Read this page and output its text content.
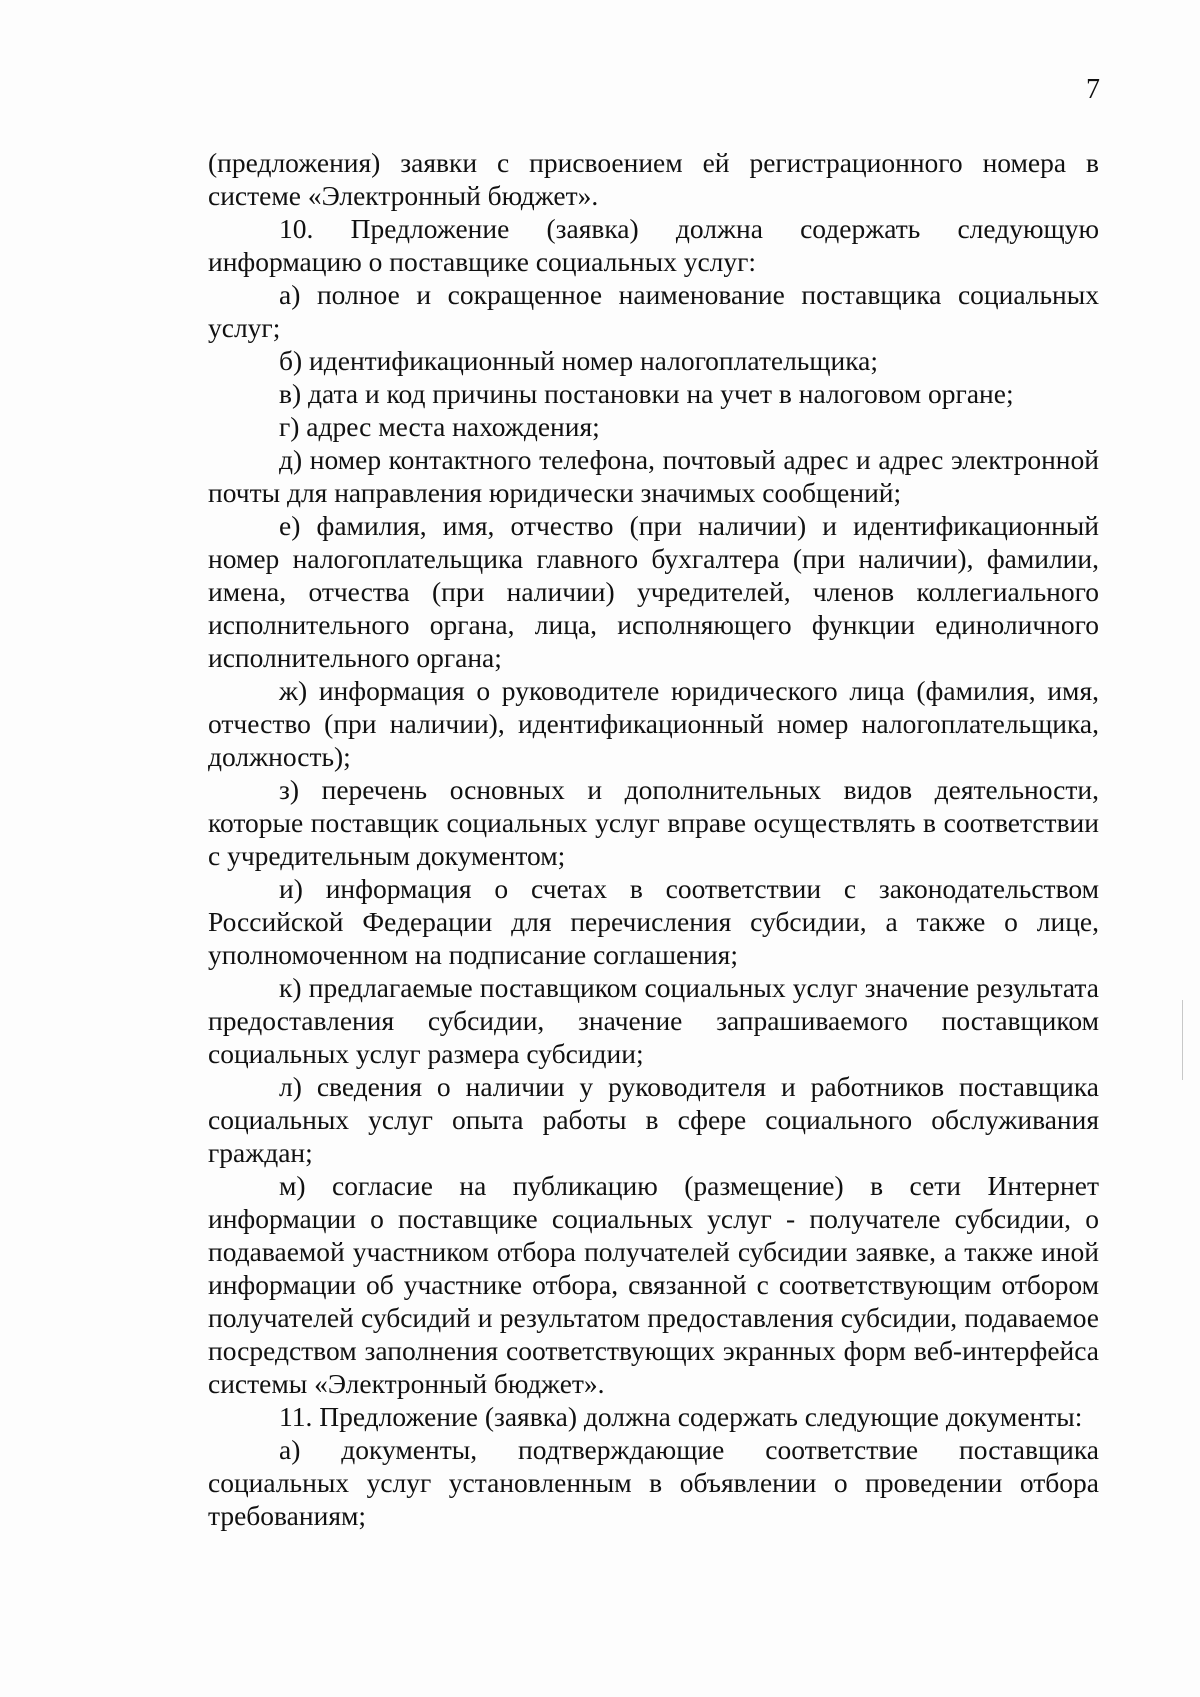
7

(предложения) заявки с присвоением ей регистрационного номера в системе «Электронный бюджет».

10. Предложение (заявка) должна содержать следующую информацию о поставщике социальных услуг:

а) полное и сокращенное наименование поставщика социальных услуг;

б) идентификационный номер налогоплательщика;

в) дата и код причины постановки на учет в налоговом органе;

г) адрес места нахождения;

д) номер контактного телефона, почтовый адрес и адрес электронной почты для направления юридически значимых сообщений;

е) фамилия, имя, отчество (при наличии) и идентификационный номер налогоплательщика главного бухгалтера (при наличии), фамилии, имена, отчества (при наличии) учредителей, членов коллегиального исполнительного органа, лица, исполняющего функции единоличного исполнительного органа;

ж) информация о руководителе юридического лица (фамилия, имя, отчество (при наличии), идентификационный номер налогоплательщика, должность);

з) перечень основных и дополнительных видов деятельности, которые поставщик социальных услуг вправе осуществлять в соответствии с учредительным документом;

и) информация о счетах в соответствии с законодательством Российской Федерации для перечисления субсидии, а также о лице, уполномоченном на подписание соглашения;

к) предлагаемые поставщиком социальных услуг значение результата предоставления субсидии, значение запрашиваемого поставщиком социальных услуг размера субсидии;

л) сведения о наличии у руководителя и работников поставщика социальных услуг опыта работы в сфере социального обслуживания граждан;

м) согласие на публикацию (размещение) в сети Интернет информации о поставщике социальных услуг - получателе субсидии, о подаваемой участником отбора получателей субсидии заявке, а также иной информации об участнике отбора, связанной с соответствующим отбором получателей субсидий и результатом предоставления субсидии, подаваемое посредством заполнения соответствующих экранных форм веб-интерфейса системы «Электронный бюджет».

11. Предложение (заявка) должна содержать следующие документы:

а) документы, подтверждающие соответствие поставщика социальных услуг установленным в объявлении о проведении отбора требованиям;
